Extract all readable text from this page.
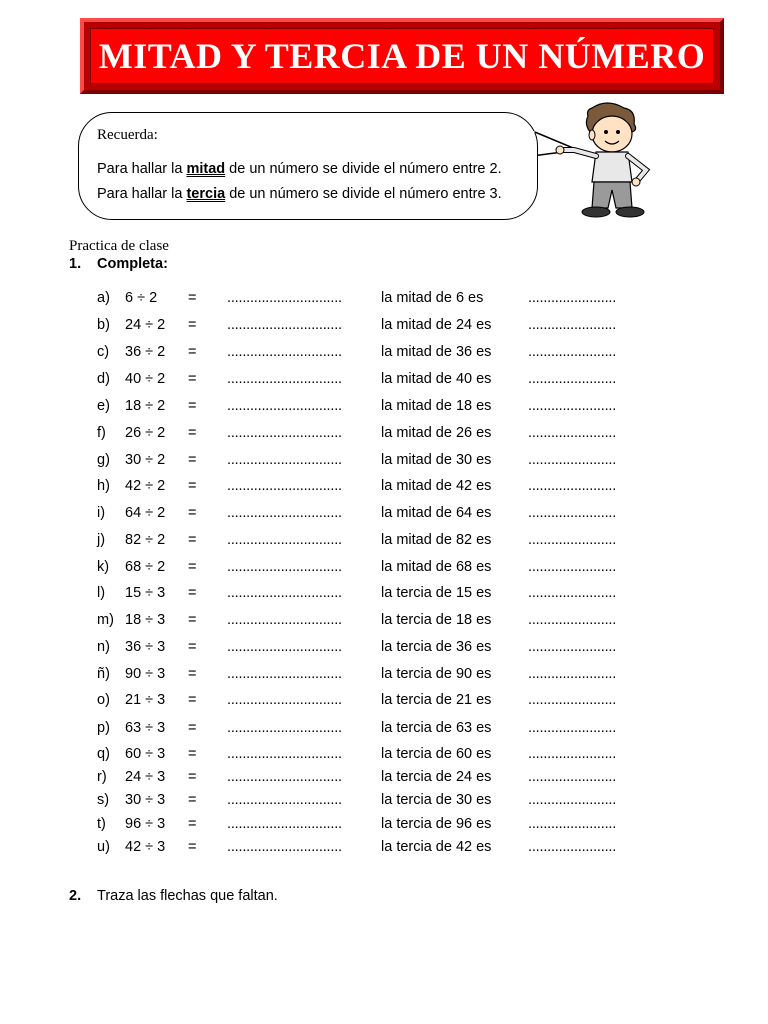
MITAD Y TERCIA DE UN NÚMERO
Recuerda:
Para hallar la mitad de un número se divide el número entre 2.
Para hallar la tercia de un número se divide el número entre 3.
Practica de clase
1. Completa:
a) 6 ÷ 2 = ..............................	la mitad de 6 es	.......................
b) 24 ÷ 2 = ..............................	la mitad de 24 es	.......................
c) 36 ÷ 2 = ..............................	la mitad de 36 es	.......................
d) 40 ÷ 2 = ..............................	la mitad de 40 es	.......................
e) 18 ÷ 2 = ..............................	la mitad de 18 es	.......................
f) 26 ÷ 2 = ..............................	la mitad de 26 es	.......................
g) 30 ÷ 2 = ..............................	la mitad de 30 es	.......................
h) 42 ÷ 2 = ..............................	la mitad de 42 es	.......................
i) 64 ÷ 2 = ..............................	la mitad de 64 es	.......................
j) 82 ÷ 2 = ..............................	la mitad de 82 es	.......................
k) 68 ÷ 2 = ..............................	la mitad de 68 es	.......................
l) 15 ÷ 3 = ..............................	la tercia de 15 es	.......................
m) 18 ÷ 3 = ..............................	la tercia de 18 es	.......................
n) 36 ÷ 3 = ..............................	la tercia de 36 es	.......................
ñ) 90 ÷ 3 = ..............................	la tercia de 90 es	.......................
o) 21 ÷ 3 = ..............................	la tercia de 21 es	.......................
p) 63 ÷ 3 = ..............................	la tercia de 63 es	.......................
q) 60 ÷ 3 = ..............................	la tercia de 60 es	.......................
r) 24 ÷ 3 = ..............................	la tercia de 24 es	.......................
s) 30 ÷ 3 = ..............................	la tercia de 30 es	.......................
t) 96 ÷ 3 = ..............................	la tercia de 96 es	.......................
u) 42 ÷ 3 = ..............................	la tercia de 42 es	.......................
2. Traza las flechas que faltan.
